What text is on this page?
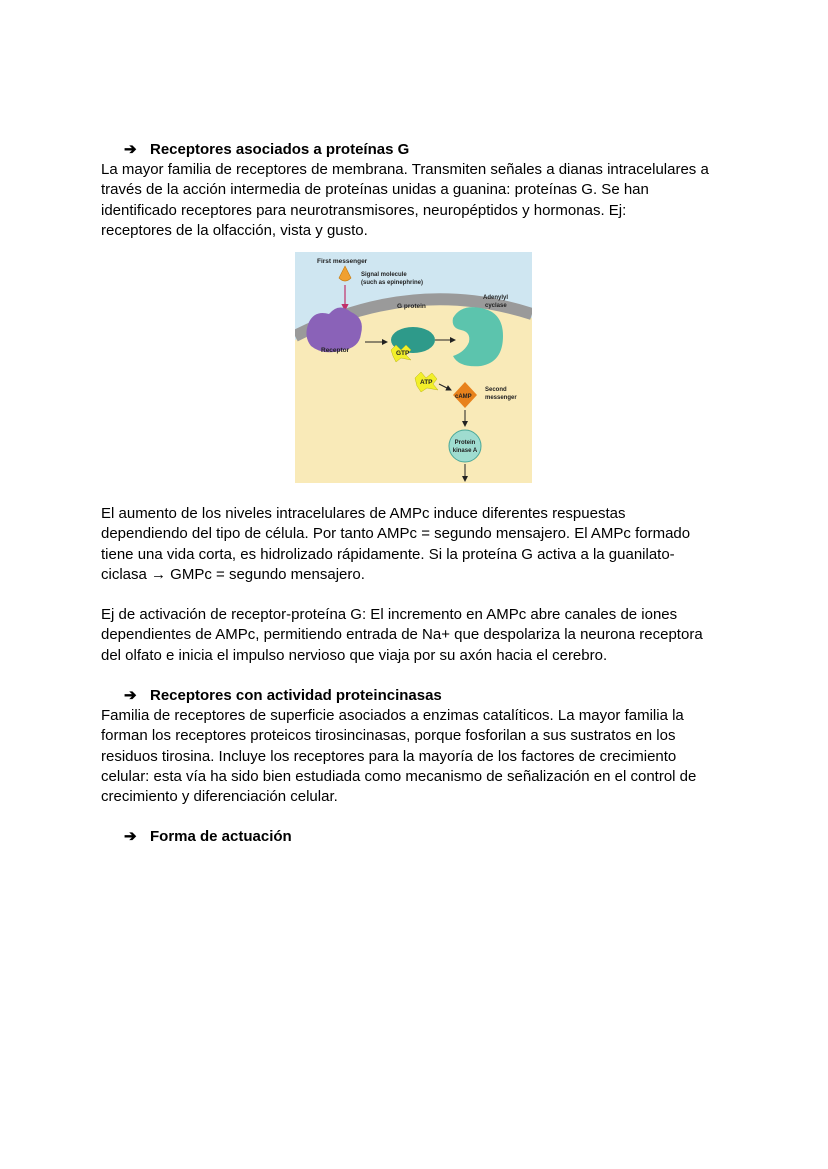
➔ Receptores asociados a proteínas G
La mayor familia de receptores de membrana. Transmiten señales a dianas intracelulares a
través de la acción intermedia de proteínas unidas a guanina: proteínas G. Se han
identificado receptores para neurotransmisores, neuropéptidos y hormonas. Ej:
receptores de la olfacción, vista y gusto.
First messenger
Signal molecule
(such as epinephrine)
Receptor
G protein
GTP
Adenylyl
cyclase
ATP
cAMP
Second
messenger
Protein
kinase A
El aumento de los niveles intracelulares de AMPc induce diferentes respuestas
dependiendo del tipo de célula. Por tanto AMPc = segundo mensajero. El AMPc formado
tiene una vida corta, es hidrolizado rápidamente. Si la proteína G activa a la guanilato-
ciclasa → GMPc = segundo mensajero.
Ej de activación de receptor-proteína G: El incremento en AMPc abre canales de iones
dependientes de AMPc, permitiendo entrada de Na+ que despolariza la neurona receptora
del olfato e inicia el impulso nervioso que viaja por su axón hacia el cerebro.
➔ Receptores con actividad proteincinasas
Familia de receptores de superficie asociados a enzimas catalíticos. La mayor familia la
forman los receptores proteicos tirosincinasas, porque fosforilan a sus sustratos en los
residuos tirosina. Incluye los receptores para la mayoría de los factores de crecimiento
celular: esta vía ha sido bien estudiada como mecanismo de señalización en el control de
crecimiento y diferenciación celular.
➔ Forma de actuación
